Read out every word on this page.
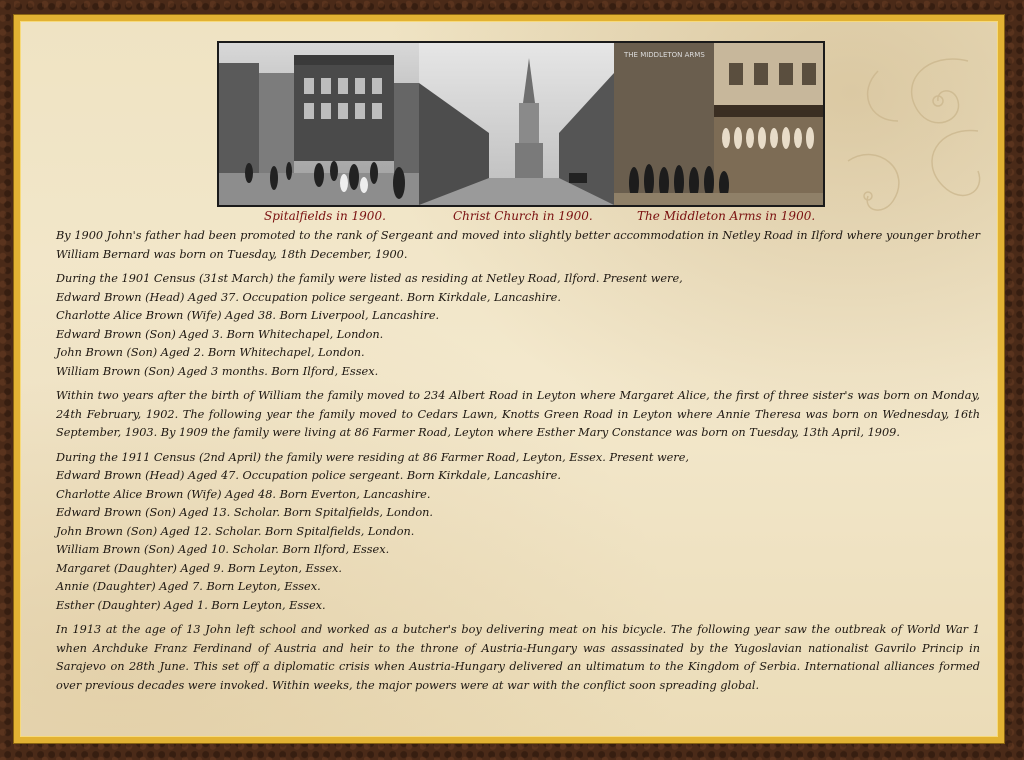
THE MIDDLETON ARMS
Spitalfields in 1900.	Christ Church in 1900.	The Middleton Arms in 1900.

By 1900 John's father had been promoted to the rank of Sergeant and moved into slightly better accommodation in Netley Road in Ilford where younger brother William Bernard was born on Tuesday, 18th December, 1900.

During the 1901 Census (31st March) the family were listed as residing at Netley Road, Ilford. Present were,

Edward Brown (Head) Aged 37. Occupation police sergeant. Born Kirkdale, Lancashire.

Charlotte Alice Brown (Wife) Aged 38. Born Liverpool, Lancashire.

Edward Brown (Son) Aged 3. Born Whitechapel, London.

John Brown (Son) Aged 2. Born Whitechapel, London.

William Brown (Son) Aged 3 months. Born Ilford, Essex.

Within two years after the birth of William the family moved to 234 Albert Road in Leyton where Margaret Alice, the first of three sister's was born on Monday, 24th February, 1902. The following year the family moved to Cedars Lawn, Knotts Green Road in Leyton where Annie Theresa was born on Wednesday, 16th September, 1903. By 1909 the family were living at 86 Farmer Road, Leyton where Esther Mary Constance was born on Tuesday, 13th April, 1909.

During the 1911 Census (2nd April) the family were residing at 86 Farmer Road, Leyton, Essex. Present were,

Edward Brown (Head) Aged 47. Occupation police sergeant. Born Kirkdale, Lancashire.

Charlotte Alice Brown (Wife) Aged 48. Born Everton, Lancashire.

Edward Brown (Son) Aged 13. Scholar. Born Spitalfields, London.

John Brown (Son) Aged 12. Scholar. Born Spitalfields, London.

William Brown (Son) Aged 10. Scholar. Born Ilford, Essex.

Margaret (Daughter) Aged 9. Born Leyton, Essex.

Annie (Daughter) Aged 7. Born Leyton, Essex.

Esther (Daughter) Aged 1. Born Leyton, Essex.

In 1913 at the age of 13 John left school and worked as a butcher's boy delivering meat on his bicycle. The following year saw the outbreak of World War 1 when Archduke Franz Ferdinand of Austria and heir to the throne of Austria-Hungary was assassinated by the Yugoslavian nationalist Gavrilo Princip in Sarajevo on 28th June. This set off a diplomatic crisis when Austria-Hungary delivered an ultimatum to the Kingdom of Serbia. International alliances formed over previous decades were invoked. Within weeks, the major powers were at war with the conflict soon spreading global.
